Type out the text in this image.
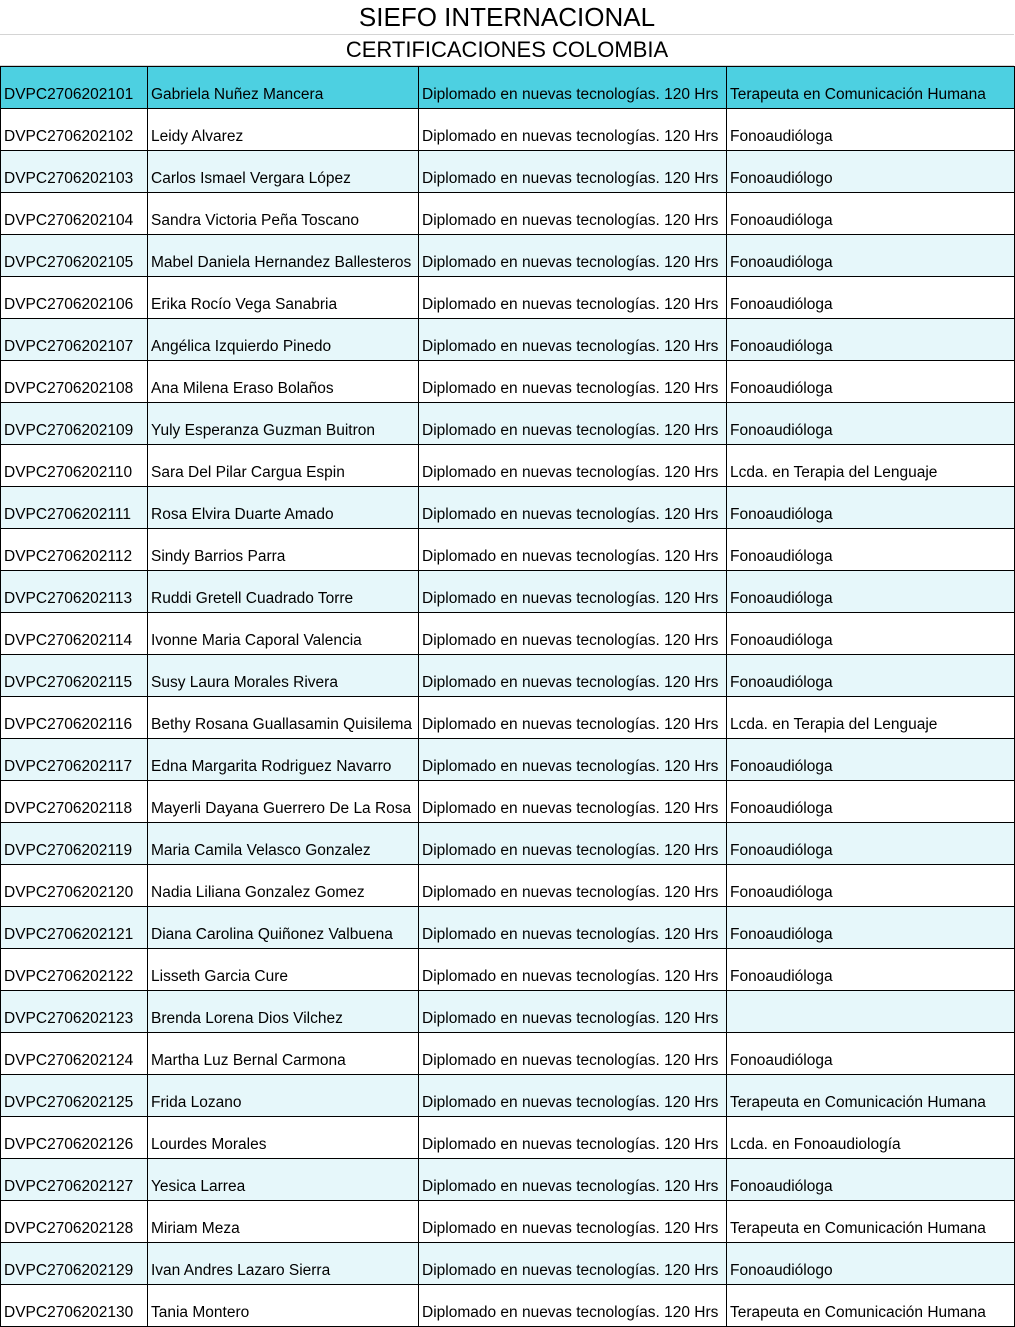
SIEFO INTERNACIONAL
CERTIFICACIONES COLOMBIA
DVPC2706202101	Gabriela Nuñez Mancera	Diplomado en nuevas tecnologías. 120 Hrs	Terapeuta en Comunicación Humana
DVPC2706202102	Leidy Alvarez	Diplomado en nuevas tecnologías. 120 Hrs	Fonoaudióloga
DVPC2706202103	Carlos Ismael Vergara López	Diplomado en nuevas tecnologías. 120 Hrs	Fonoaudiólogo
DVPC2706202104	Sandra Victoria Peña Toscano	Diplomado en nuevas tecnologías. 120 Hrs	Fonoaudióloga
DVPC2706202105	Mabel Daniela Hernandez Ballesteros	Diplomado en nuevas tecnologías. 120 Hrs	Fonoaudióloga
DVPC2706202106	Erika Rocío Vega Sanabria	Diplomado en nuevas tecnologías. 120 Hrs	Fonoaudióloga
DVPC2706202107	Angélica Izquierdo Pinedo	Diplomado en nuevas tecnologías. 120 Hrs	Fonoaudióloga
DVPC2706202108	Ana Milena Eraso Bolaños	Diplomado en nuevas tecnologías. 120 Hrs	Fonoaudióloga
DVPC2706202109	Yuly Esperanza Guzman Buitron	Diplomado en nuevas tecnologías. 120 Hrs	Fonoaudióloga
DVPC2706202110	Sara Del Pilar Cargua Espin	Diplomado en nuevas tecnologías. 120 Hrs	Lcda. en Terapia del Lenguaje
DVPC2706202111	Rosa Elvira Duarte Amado	Diplomado en nuevas tecnologías. 120 Hrs	Fonoaudióloga
DVPC2706202112	Sindy Barrios Parra	Diplomado en nuevas tecnologías. 120 Hrs	Fonoaudióloga
DVPC2706202113	Ruddi Gretell Cuadrado Torre	Diplomado en nuevas tecnologías. 120 Hrs	Fonoaudióloga
DVPC2706202114	Ivonne Maria Caporal Valencia	Diplomado en nuevas tecnologías. 120 Hrs	Fonoaudióloga
DVPC2706202115	Susy Laura Morales Rivera	Diplomado en nuevas tecnologías. 120 Hrs	Fonoaudióloga
DVPC2706202116	Bethy Rosana Guallasamin Quisilema	Diplomado en nuevas tecnologías. 120 Hrs	Lcda. en Terapia del Lenguaje
DVPC2706202117	Edna Margarita Rodriguez Navarro	Diplomado en nuevas tecnologías. 120 Hrs	Fonoaudióloga
DVPC2706202118	Mayerli Dayana Guerrero De La Rosa	Diplomado en nuevas tecnologías. 120 Hrs	Fonoaudióloga
DVPC2706202119	Maria Camila Velasco Gonzalez	Diplomado en nuevas tecnologías. 120 Hrs	Fonoaudióloga
DVPC2706202120	Nadia Liliana Gonzalez Gomez	Diplomado en nuevas tecnologías. 120 Hrs	Fonoaudióloga
DVPC2706202121	Diana Carolina Quiñonez Valbuena	Diplomado en nuevas tecnologías. 120 Hrs	Fonoaudióloga
DVPC2706202122	Lisseth Garcia Cure	Diplomado en nuevas tecnologías. 120 Hrs	Fonoaudióloga
DVPC2706202123	Brenda Lorena Dios Vilchez	Diplomado en nuevas tecnologías. 120 Hrs	
DVPC2706202124	Martha Luz Bernal Carmona	Diplomado en nuevas tecnologías. 120 Hrs	Fonoaudióloga
DVPC2706202125	Frida Lozano	Diplomado en nuevas tecnologías. 120 Hrs	Terapeuta en Comunicación Humana
DVPC2706202126	Lourdes Morales	Diplomado en nuevas tecnologías. 120 Hrs	Lcda. en Fonoaudiología
DVPC2706202127	Yesica Larrea	Diplomado en nuevas tecnologías. 120 Hrs	Fonoaudióloga
DVPC2706202128	Miriam Meza	Diplomado en nuevas tecnologías. 120 Hrs	Terapeuta en Comunicación Humana
DVPC2706202129	Ivan Andres Lazaro Sierra	Diplomado en nuevas tecnologías. 120 Hrs	Fonoaudiólogo
DVPC2706202130	Tania Montero	Diplomado en nuevas tecnologías. 120 Hrs	Terapeuta en Comunicación Humana
